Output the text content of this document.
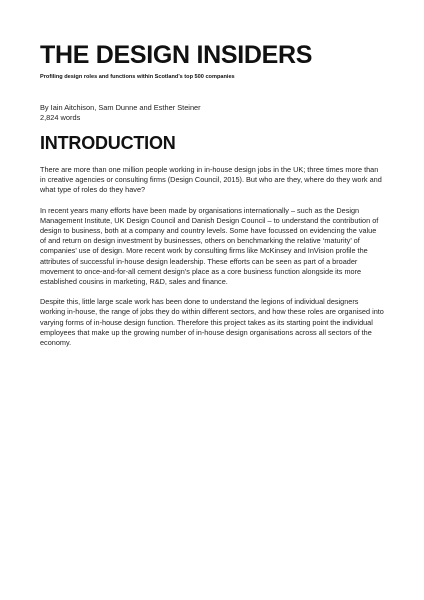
THE DESIGN INSIDERS

Profiling design roles and functions within Scotland’s top 500 companies

By Iain Aitchison, Sam Dunne and Esther Steiner
2,824 words
INTRODUCTION

There are more than one million people working in in-house design jobs in the UK; three times more than in creative agencies or consulting firms (Design Council, 2015). But who are they, where do they work and what type of roles do they have?

In recent years many efforts have been made by organisations internationally – such as the Design Management Institute, UK Design Council and Danish Design Council – to understand the contribution of design to business, both at a company and country levels. Some have focussed on evidencing the value of and return on design investment by businesses, others on benchmarking the relative ‘maturity’ of companies’ use of design. More recent work by consulting firms like McKinsey and InVision profile the attributes of successful in-house design leadership. These efforts can be seen as part of a broader movement to once-and-for-all cement design’s place as a core business function alongside its more established cousins in marketing, R&D, sales and finance.

Despite this, little large scale work has been done to understand the legions of individual designers working in-house, the range of jobs they do within different sectors, and how these roles are organised into varying forms of in-house design function. Therefore this project takes as its starting point the individual employees that make up the growing number of in-house design organisations across all sectors of the economy.
